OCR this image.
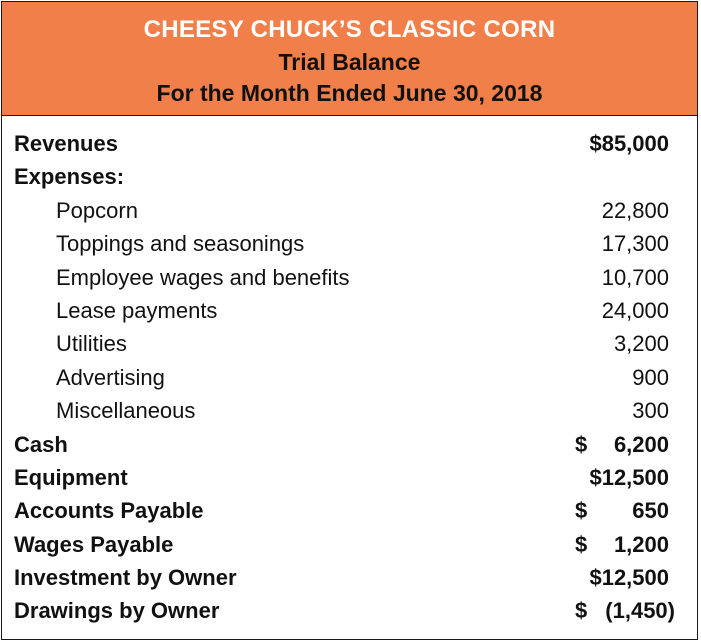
CHEESY CHUCK’S CLASSIC CORN
Trial Balance
For the Month Ended June 30, 2018
Revenues	$85,000
Expenses:
Popcorn	22,800
Toppings and seasonings	17,300
Employee wages and benefits	10,700
Lease payments	24,000
Utilities	3,200
Advertising	900
Miscellaneous	300
Cash	$ 6,200
Equipment	$12,500
Accounts Payable	$ 650
Wages Payable	$ 1,200
Investment by Owner	$12,500
Drawings by Owner	$ (1,450)
